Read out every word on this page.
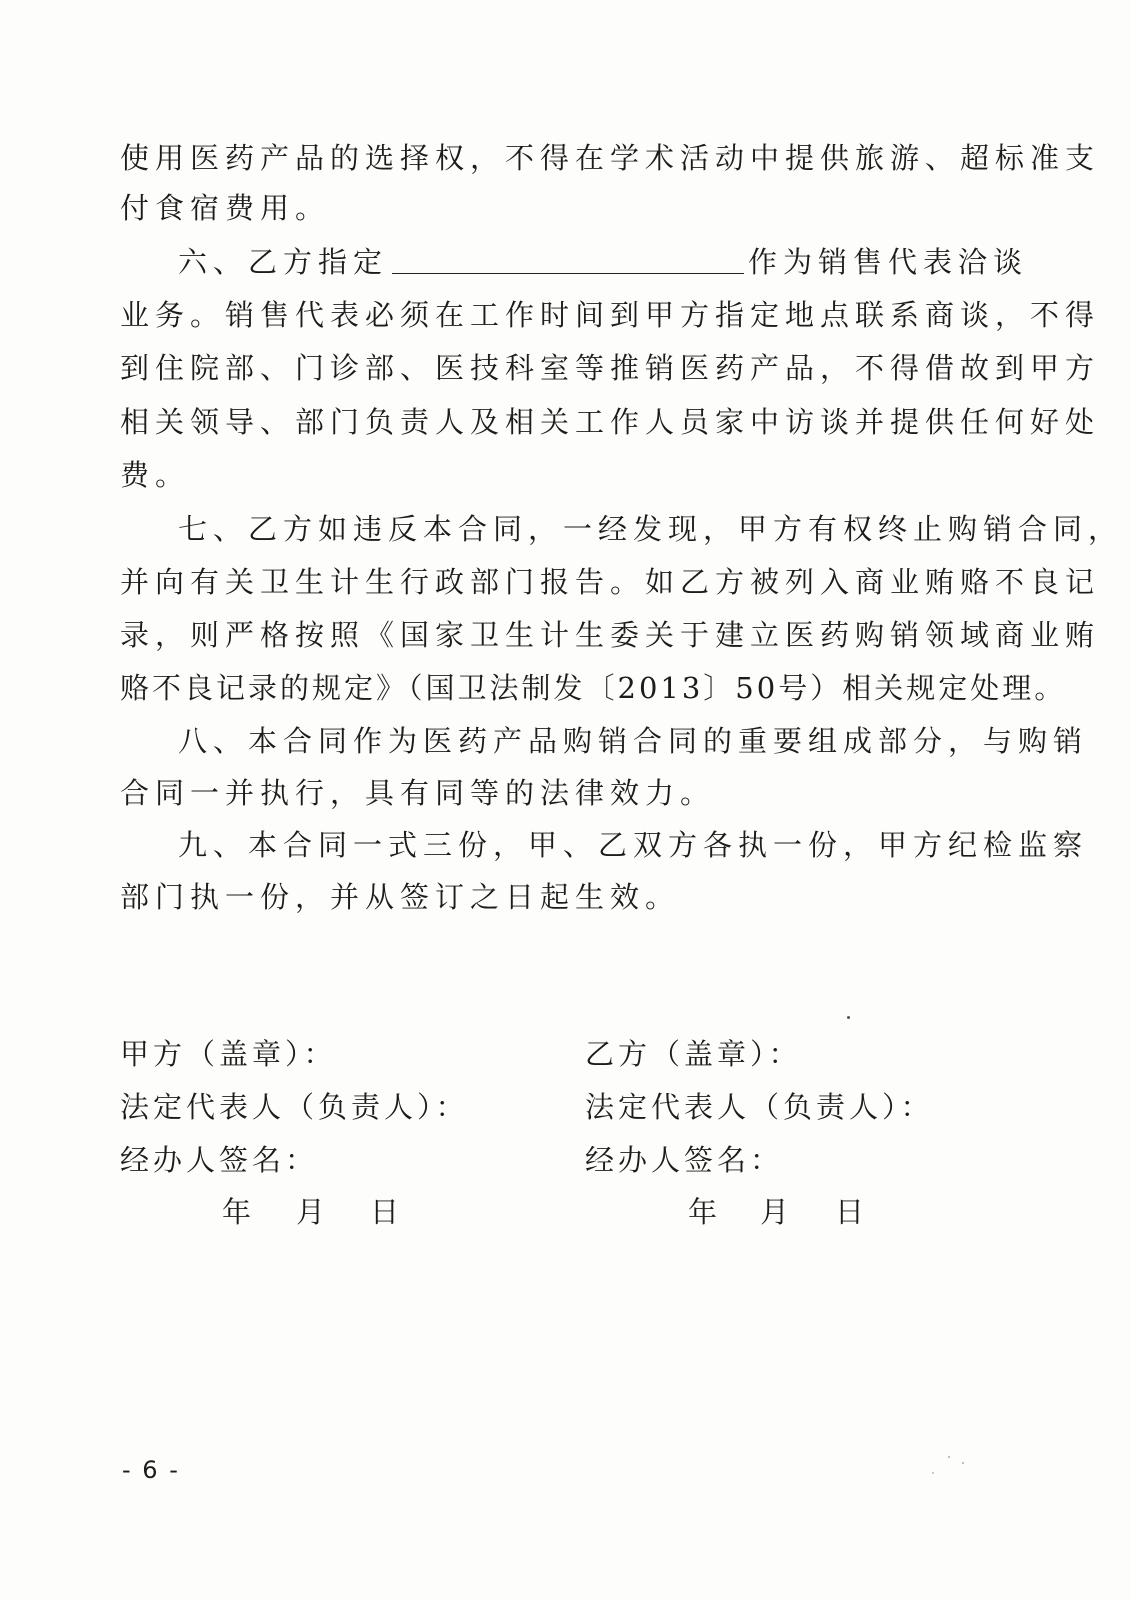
使用医药产品的选择权，不得在学术活动中提供旅游、超标准支
付食宿费用。
六、乙方指定	作为销售代表洽谈
业务。销售代表必须在工作时间到甲方指定地点联系商谈，不得
到住院部、门诊部、医技科室等推销医药产品，不得借故到甲方
相关领导、部门负责人及相关工作人员家中访谈并提供任何好处
费。
七、乙方如违反本合同，一经发现，甲方有权终止购销合同，
并向有关卫生计生行政部门报告。如乙方被列入商业贿赂不良记
录，则严格按照《国家卫生计生委关于建立医药购销领域商业贿
赂不良记录的规定》（国卫法制发〔2013〕50号）相关规定处理。
八、本合同作为医药产品购销合同的重要组成部分，与购销
合同一并执行，具有同等的法律效力。
九、本合同一式三份，甲、乙双方各执一份，甲方纪检监察
部门执一份，并从签订之日起生效。
甲方（盖章）：
法定代表人（负责人）：
经办人签名：
年 月 日
乙方（盖章）：
法定代表人（负责人）：
经办人签名：
年 月 日
- 6 -
